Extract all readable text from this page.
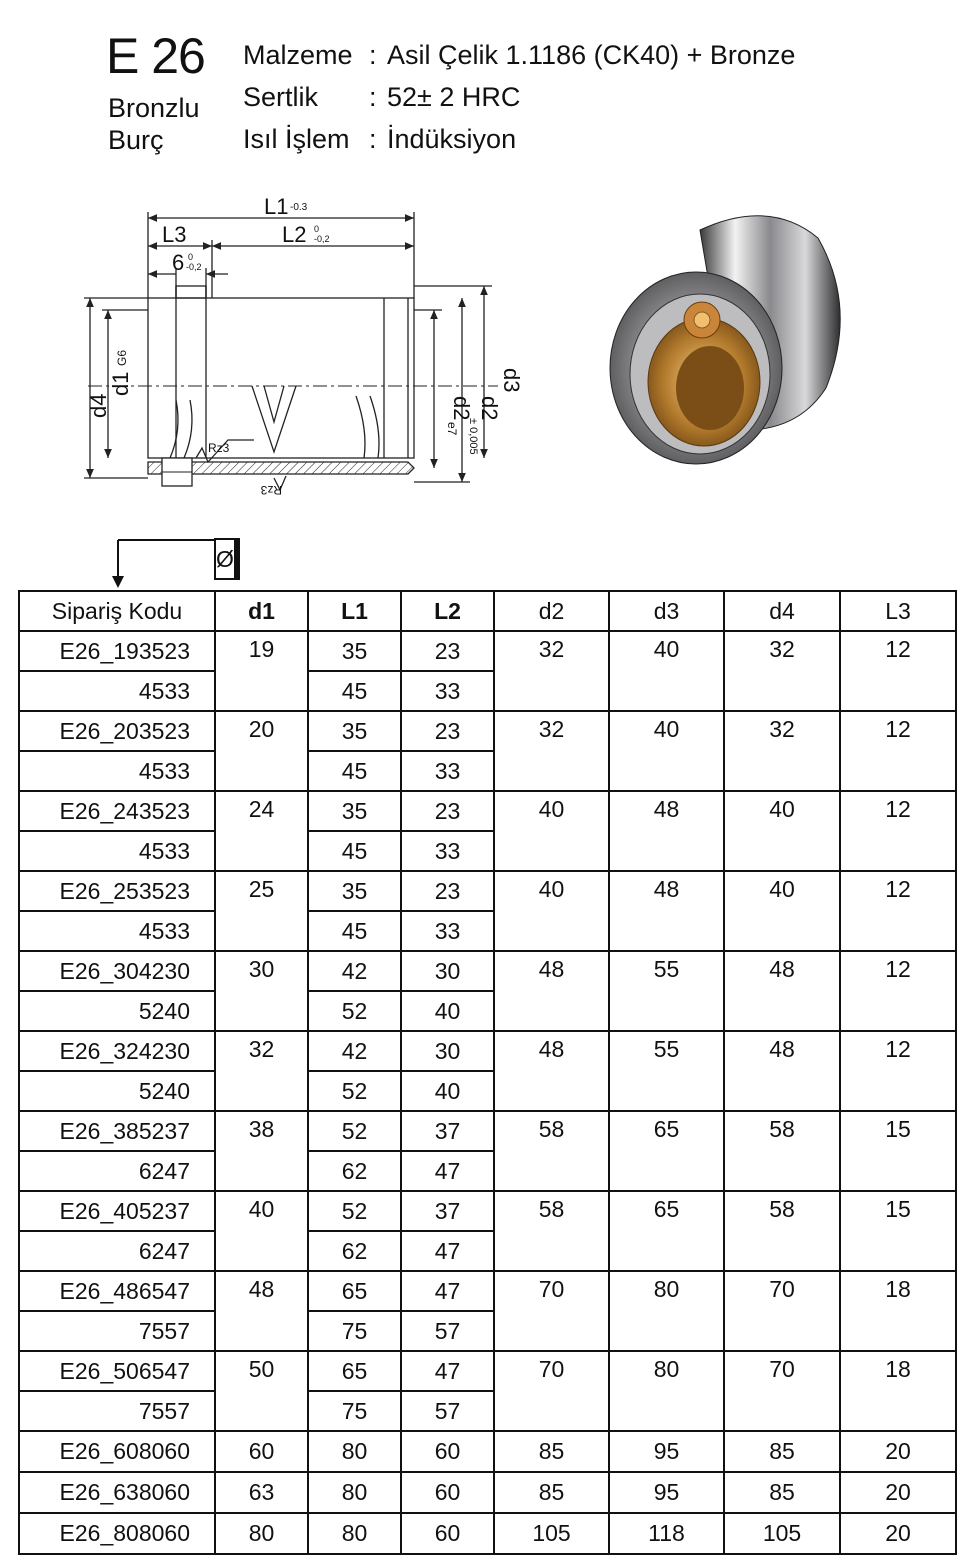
E 26
Bronzlu
Burç
Malzeme : Asil Çelik 1.1186 (CK40) + Bronze
Sertlik : 52± 2 HRC
Isıl İşlem : İndüksiyon
L1 -0.3
L3	L2 0
-0,2
6 0
-0,2
Rz3
Rz3
d4
d1
G6
d2
e7
d2
± 0,005
d3
Ø		
Sipariş Kodu	d1	L1	L2	d2	d3	d4	L3
E26_193523	19	35	23	32	40	32	12
4533		45	33				
E26_203523	20	35	23	32	40	32	12
4533		45	33				
E26_243523	24	35	23	40	48	40	12
4533		45	33				
E26_253523	25	35	23	40	48	40	12
4533		45	33				
E26_304230	30	42	30	48	55	48	12
5240		52	40				
E26_324230	32	42	30	48	55	48	12
5240		52	40				
E26_385237	38	52	37	58	65	58	15
6247		62	47				
E26_405237	40	52	37	58	65	58	15
6247		62	47				
E26_486547	48	65	47	70	80	70	18
7557		75	57				
E26_506547	50	65	47	70	80	70	18
7557		75	57				
E26_608060	60	80	60	85	95	85	20
E26_638060	63	80	60	85	95	85	20
E26_808060	80	80	60	105	118	105	20
